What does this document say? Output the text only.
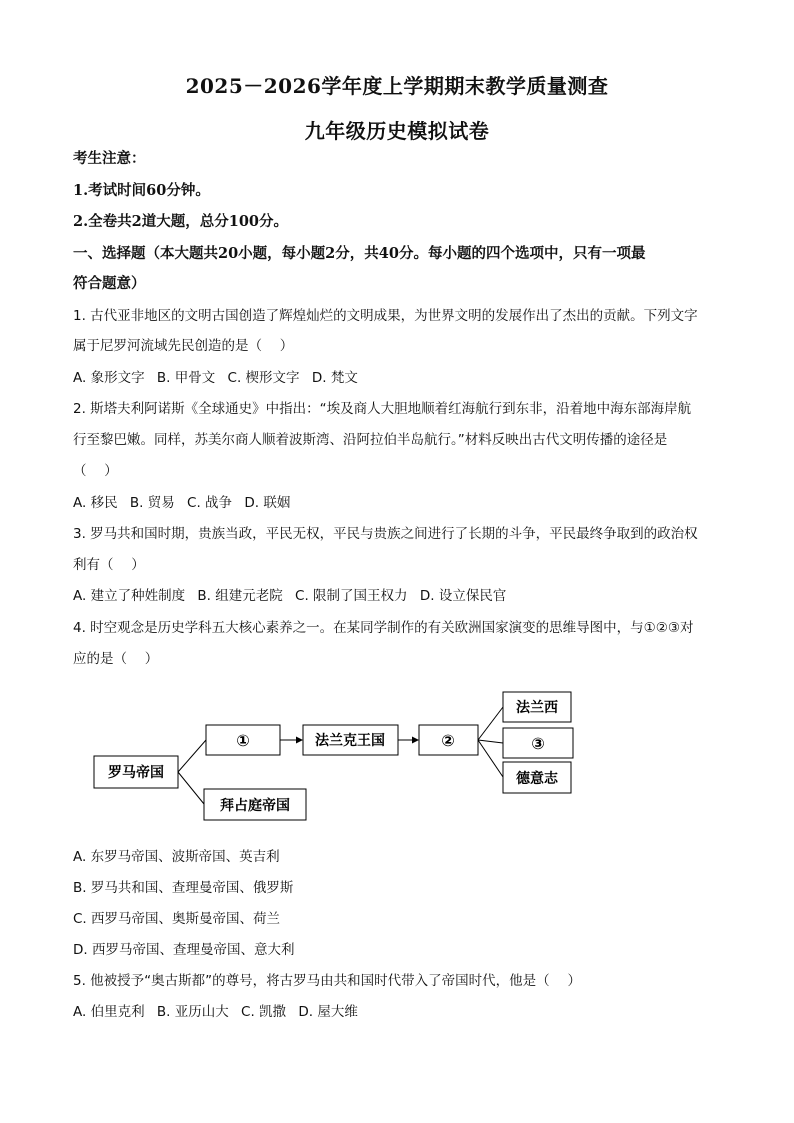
2025－2026学年度上学期期末教学质量测查
九年级历史模拟试卷
考生注意：
1.考试时间60分钟。
2.全卷共2道大题，总分100分。
一、选择题（本大题共20小题，每小题2分，共40分。每小题的四个选项中，只有一项最
符合题意）
1. 古代亚非地区的文明古国创造了辉煌灿烂的文明成果，为世界文明的发展作出了杰出的贡献。下列文字
属于尼罗河流域先民创造的是（　 ）
A. 象形文字 B. 甲骨文 C. 楔形文字 D. 梵文
2. 斯塔夫利阿诺斯《全球通史》中指出：“埃及商人大胆地顺着红海航行到东非，沿着地中海东部海岸航
行至黎巴嫩。同样，苏美尔商人顺着波斯湾、沿阿拉伯半岛航行。”材料反映出古代文明传播的途径是
（　 ）
A. 移民 B. 贸易 C. 战争 D. 联姻
3. 罗马共和国时期，贵族当政，平民无权，平民与贵族之间进行了长期的斗争，平民最终争取到的政治权
利有（　 ）
A. 建立了种姓制度 B. 组建元老院 C. 限制了国王权力 D. 设立保民官
4. 时空观念是历史学科五大核心素养之一。在某同学制作的有关欧洲国家演变的思维导图中，与①②③对
应的是（　 ）
罗马帝国
①	法兰克王国	②
法兰西
③
德意志
拜占庭帝国
A. 东罗马帝国、波斯帝国、英吉利
B. 罗马共和国、查理曼帝国、俄罗斯
C. 西罗马帝国、奥斯曼帝国、荷兰
D. 西罗马帝国、查理曼帝国、意大利
5. 他被授予“奥古斯都”的尊号，将古罗马由共和国时代带入了帝国时代，他是（　 ）
A. 伯里克利 B. 亚历山大 C. 凯撒 D. 屋大维
